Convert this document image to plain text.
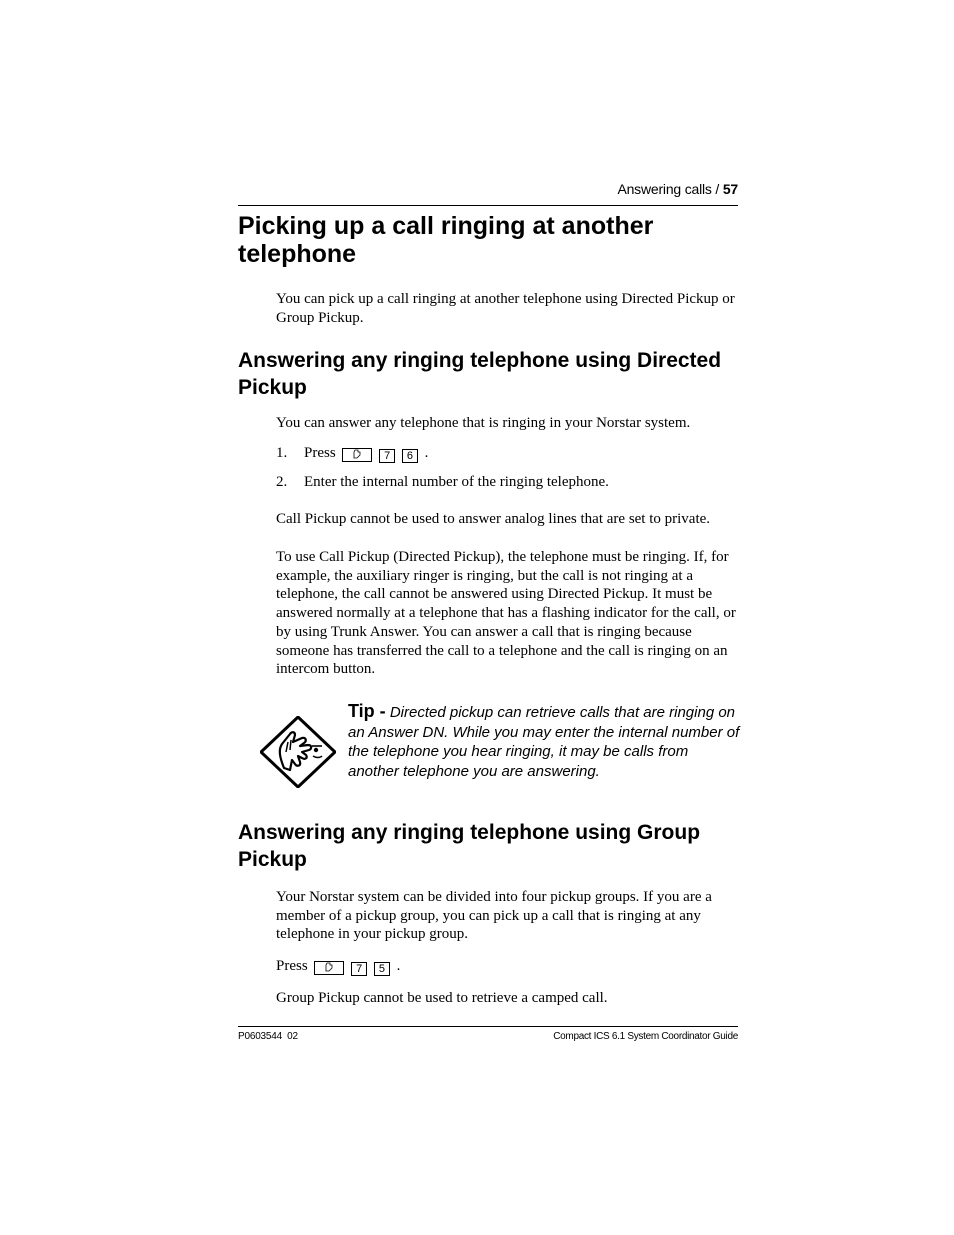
Answering calls / 57
Picking up a call ringing at another telephone

You can pick up a call ringing at another telephone using Directed Pickup or Group Pickup.

Answering any ringing telephone using Directed Pickup

You can answer any telephone that is ringing in your Norstar system.

1. Press	7 6 .
2. Enter the internal number of the ringing telephone.

Call Pickup cannot be used to answer analog lines that are set to private.

To use Call Pickup (Directed Pickup), the telephone must be ringing. If, for example, the auxiliary ringer is ringing, but the call is not ringing at a telephone, the call cannot be answered using Directed Pickup. It must be answered normally at a telephone that has a flashing indicator for the call, or by using Trunk Answer. You can answer a call that is ringing because someone has transferred the call to a telephone and the call is ringing on an intercom button.

Tip - Directed pickup can retrieve calls that are ringing on an Answer DN. While you may enter the internal number of the telephone you hear ringing, it may be calls from another telephone you are answering.
Answering any ringing telephone using Group Pickup

Your Norstar system can be divided into four pickup groups. If you are a member of a pickup group, you can pick up a call that is ringing at any telephone in your pickup group.

Press	7 5 .

Group Pickup cannot be used to retrieve a camped call.

P0603544  02	Compact ICS 6.1 System Coordinator Guide
